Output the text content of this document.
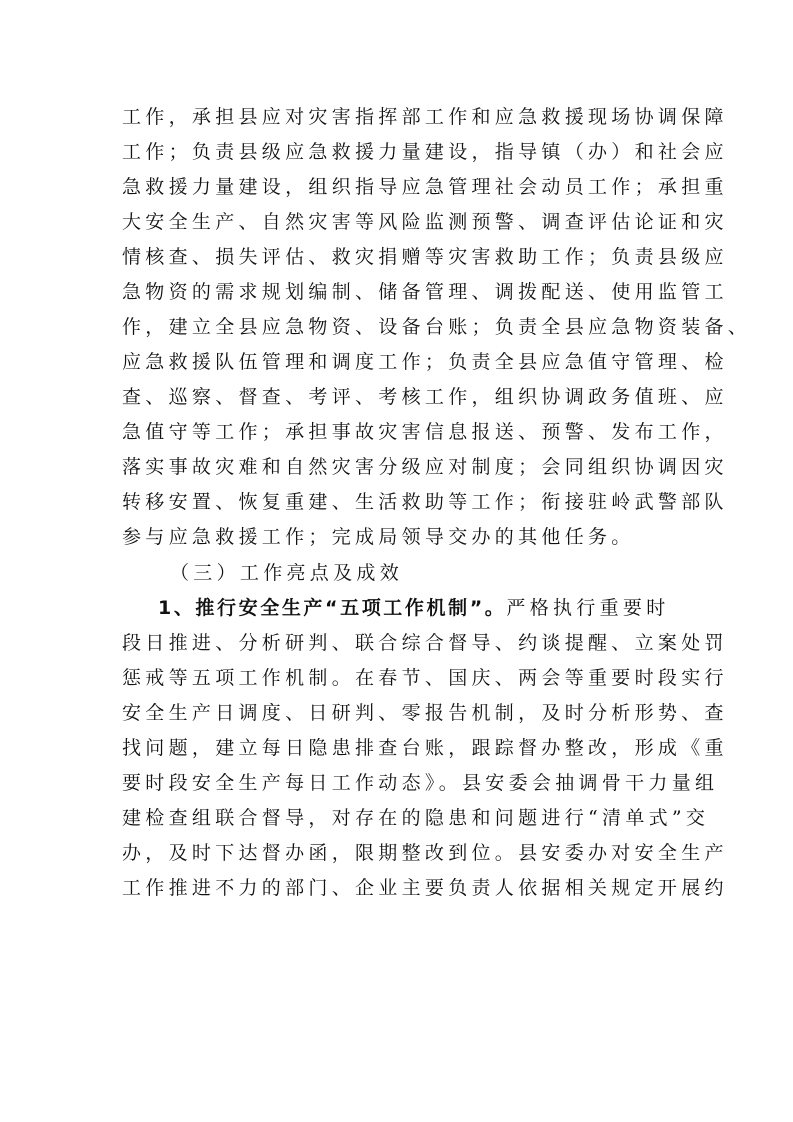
工作，承担县应对灾害指挥部工作和应急救援现场协调保障
工作；负责县级应急救援力量建设，指导镇（办）和社会应
急救援力量建设，组织指导应急管理社会动员工作；承担重
大安全生产、自然灾害等风险监测预警、调查评估论证和灾
情核查、损失评估、救灾捐赠等灾害救助工作；负责县级应
急物资的需求规划编制、储备管理、调拨配送、使用监管工
作，建立全县应急物资、设备台账；负责全县应急物资装备、
应急救援队伍管理和调度工作；负责全县应急值守管理、检
查、巡察、督查、考评、考核工作，组织协调政务值班、应
急值守等工作；承担事故灾害信息报送、预警、发布工作，
落实事故灾难和自然灾害分级应对制度；会同组织协调因灾
转移安置、恢复重建、生活救助等工作；衔接驻岭武警部队
参与应急救援工作；完成局领导交办的其他任务。
（三）工作亮点及成效
1、推行安全生产“五项工作机制”。严格执行重要时
段日推进、分析研判、联合综合督导、约谈提醒、立案处罚
惩戒等五项工作机制。在春节、国庆、两会等重要时段实行
安全生产日调度、日研判、零报告机制，及时分析形势、查
找问题，建立每日隐患排查台账，跟踪督办整改，形成《重
要时段安全生产每日工作动态》。县安委会抽调骨干力量组
建检查组联合督导，对存在的隐患和问题进行“清单式”交
办，及时下达督办函，限期整改到位。县安委办对安全生产
工作推进不力的部门、企业主要负责人依据相关规定开展约
